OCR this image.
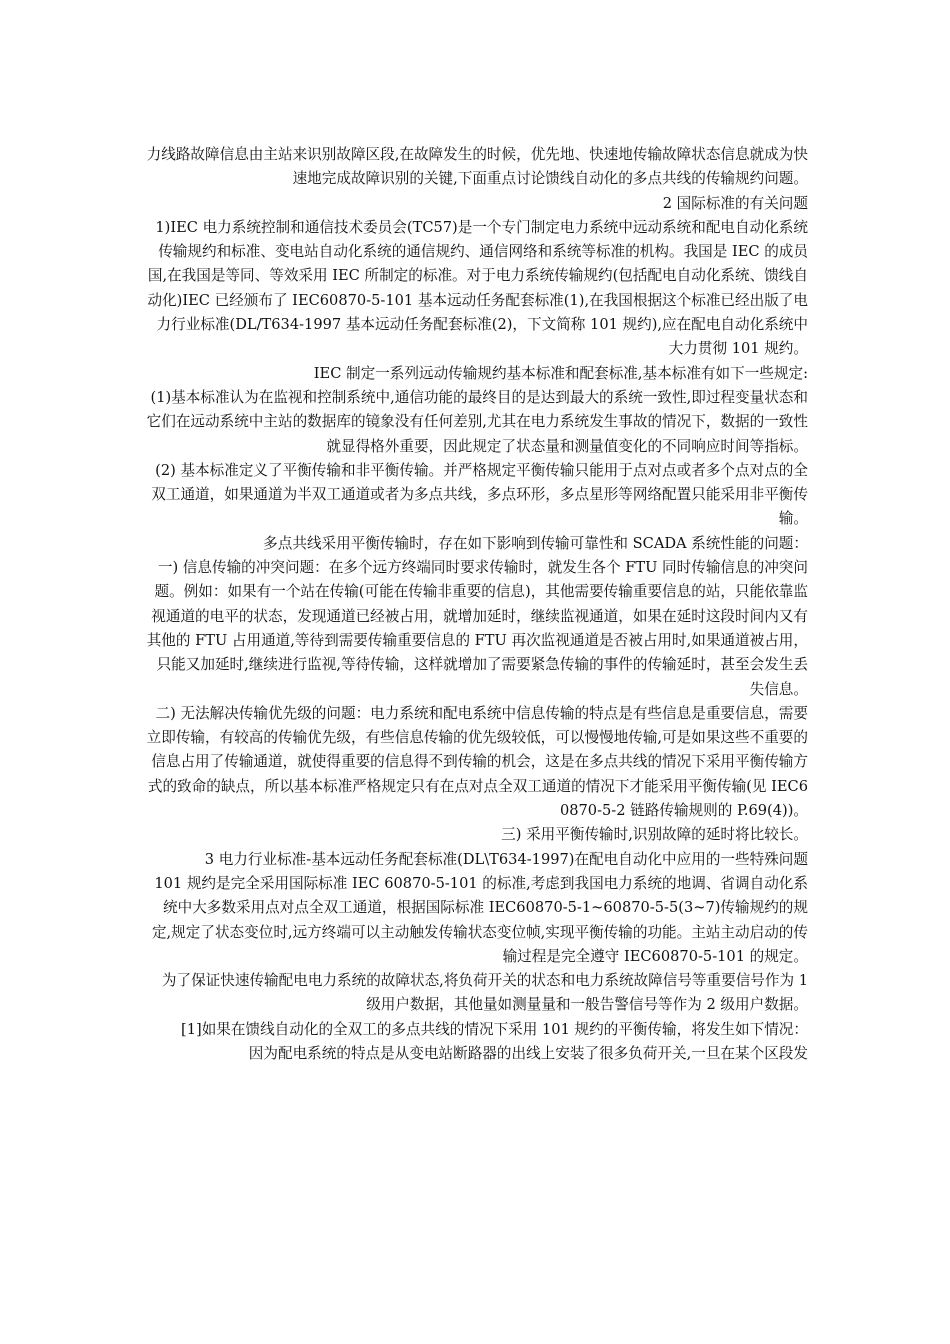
力线路故障信息由主站来识别故障区段,在故障发生的时候，优先地、快速地传输故障状态信息就成为快速地完成故障识别的关键,下面重点讨论馈线自动化的多点共线的传输规约问题。

2 国际标准的有关问题

1)IEC 电力系统控制和通信技术委员会(TC57)是一个专门制定电力系统中远动系统和配电自动化系统传输规约和标准、变电站自动化系统的通信规约、通信网络和系统等标准的机构。我国是 IEC 的成员国,在我国是等同、等效采用 IEC 所制定的标准。对于电力系统传输规约(包括配电自动化系统、馈线自动化)IEC 已经颁布了 IEC60870-5-101 基本远动任务配套标准(1),在我国根据这个标准已经出版了电力行业标准(DL/T634-1997 基本远动任务配套标准(2)，下文简称 101 规约),应在配电自动化系统中大力贯彻 101 规约。

IEC 制定一系列远动传输规约基本标准和配套标准,基本标准有如下一些规定:

(1)基本标准认为在监视和控制系统中,通信功能的最终目的是达到最大的系统一致性,即过程变量状态和它们在远动系统中主站的数据库的镜象没有任何差别,尤其在电力系统发生事故的情况下，数据的一致性就显得格外重要，因此规定了状态量和测量值变化的不同响应时间等指标。

(2) 基本标准定义了平衡传输和非平衡传输。并严格规定平衡传输只能用于点对点或者多个点对点的全双工通道，如果通道为半双工通道或者为多点共线，多点环形，多点星形等网络配置只能采用非平衡传输。

多点共线采用平衡传输时，存在如下影响到传输可靠性和 SCADA 系统性能的问题：

一) 信息传输的冲突问题：在多个远方终端同时要求传输时，就发生各个 FTU 同时传输信息的冲突问题。例如：如果有一个站在传输(可能在传输非重要的信息)，其他需要传输重要信息的站，只能依靠监视通道的电平的状态，发现通道已经被占用，就增加延时，继续监视通道，如果在延时这段时间内又有其他的 FTU 占用通道,等待到需要传输重要信息的 FTU 再次监视通道是否被占用时,如果通道被占用，只能又加延时,继续进行监视,等待传输，这样就增加了需要紧急传输的事件的传输延时，甚至会发生丢失信息。

二) 无法解决传输优先级的问题：电力系统和配电系统中信息传输的特点是有些信息是重要信息，需要立即传输，有较高的传输优先级，有些信息传输的优先级较低，可以慢慢地传输,可是如果这些不重要的信息占用了传输通道，就使得重要的信息得不到传输的机会，这是在多点共线的情况下采用平衡传输方式的致命的缺点，所以基本标准严格规定只有在点对点全双工通道的情况下才能采用平衡传输(见 IEC60870-5-2 链路传输规则的 P.69(4))。

三) 采用平衡传输时,识别故障的延时将比较长。

3 电力行业标准-基本远动任务配套标准(DL\T634-1997)在配电自动化中应用的一些特殊问题

101 规约是完全采用国际标准 IEC 60870-5-101 的标准,考虑到我国电力系统的地调、省调自动化系统中大多数采用点对点全双工通道，根据国际标准 IEC60870-5-1~60870-5-5(3~7)传输规约的规定,规定了状态变位时,远方终端可以主动触发传输状态变位帧,实现平衡传输的功能。主站主动启动的传输过程是完全遵守 IEC60870-5-101 的规定。

为了保证快速传输配电电力系统的故障状态,将负荷开关的状态和电力系统故障信号等重要信号作为 1 级用户数据，其他量如测量量和一般告警信号等作为 2 级用户数据。

[1]如果在馈线自动化的全双工的多点共线的情况下采用 101 规约的平衡传输，将发生如下情况：

因为配电系统的特点是从变电站断路器的出线上安装了很多负荷开关,一旦在某个区段发
